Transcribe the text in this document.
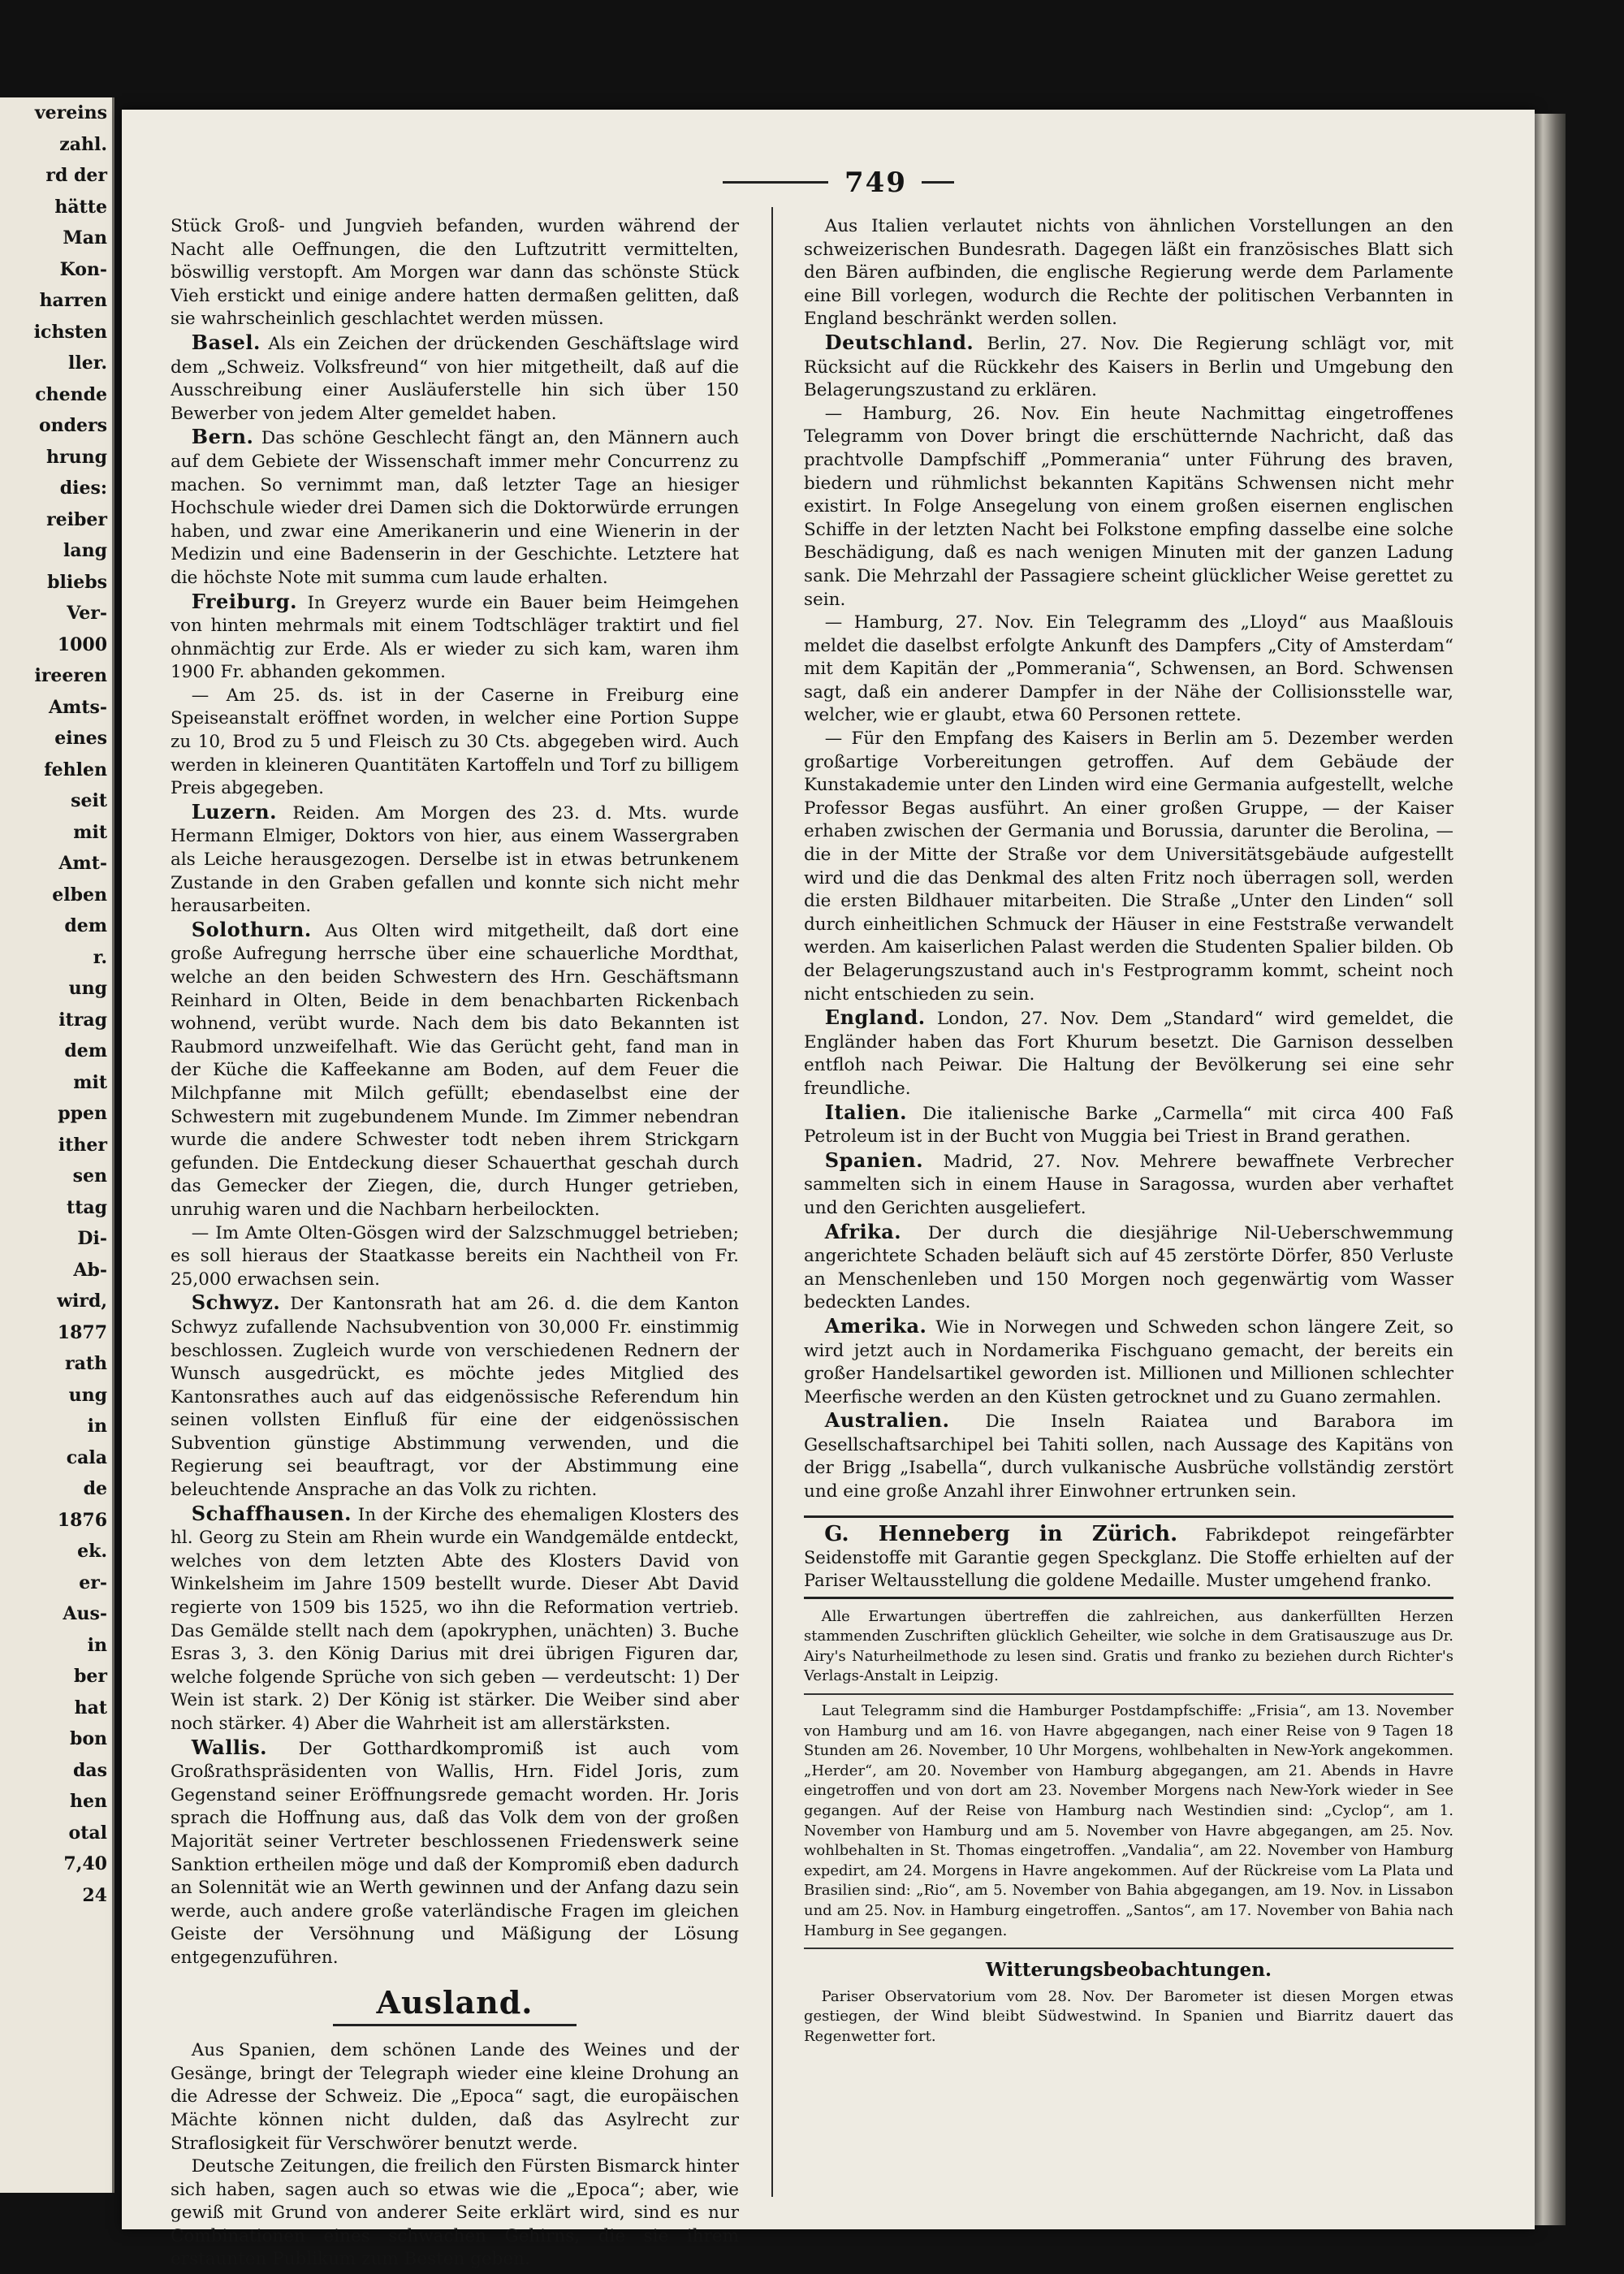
vereins
zahl.
rd der
hätte
Man
Kon-
harren
ichsten
ller.
chende
onders
hrung
dies:
reiber
lang
bliebs
Ver-
1000
ireeren
Amts-
eines
fehlen
seit
mit
Amt-
elben
dem
r.
ung
itrag
dem
mit
ppen
ither
sen
ttag
Di-
Ab-
wird,
1877
rath
ung
in
cala
de
1876
ek.
er-
Aus-
in
ber
hat
bon
das
hen
otal
7,40
24
749

Stück Groß- und Jungvieh befanden, wurden während der Nacht alle Oeffnungen, die den Luftzutritt vermittelten, böswillig verstopft. Am Morgen war dann das schönste Stück Vieh erstickt und einige andere hatten dermaßen gelitten, daß sie wahrscheinlich geschlachtet werden müssen.

Basel. Als ein Zeichen der drückenden Geschäftslage wird dem „Schweiz. Volksfreund“ von hier mitgetheilt, daß auf die Ausschreibung einer Ausläuferstelle hin sich über 150 Bewerber von jedem Alter gemeldet haben.

Bern. Das schöne Geschlecht fängt an, den Männern auch auf dem Gebiete der Wissenschaft immer mehr Concurrenz zu machen. So vernimmt man, daß letzter Tage an hiesiger Hochschule wieder drei Damen sich die Doktorwürde errungen haben, und zwar eine Amerikanerin und eine Wienerin in der Medizin und eine Badenserin in der Geschichte. Letztere hat die höchste Note mit summa cum laude erhalten.

Freiburg. In Greyerz wurde ein Bauer beim Heimgehen von hinten mehrmals mit einem Todtschläger traktirt und fiel ohnmächtig zur Erde. Als er wieder zu sich kam, waren ihm 1900 Fr. abhanden gekommen.

— Am 25. ds. ist in der Caserne in Freiburg eine Speiseanstalt eröffnet worden, in welcher eine Portion Suppe zu 10, Brod zu 5 und Fleisch zu 30 Cts. abgegeben wird. Auch werden in kleineren Quantitäten Kartoffeln und Torf zu billigem Preis abgegeben.

Luzern. Reiden. Am Morgen des 23. d. Mts. wurde Hermann Elmiger, Doktors von hier, aus einem Wassergraben als Leiche herausgezogen. Derselbe ist in etwas betrunkenem Zustande in den Graben gefallen und konnte sich nicht mehr herausarbeiten.

Solothurn. Aus Olten wird mitgetheilt, daß dort eine große Aufregung herrsche über eine schauerliche Mordthat, welche an den beiden Schwestern des Hrn. Geschäftsmann Reinhard in Olten, Beide in dem benachbarten Rickenbach wohnend, verübt wurde. Nach dem bis dato Bekannten ist Raubmord unzweifelhaft. Wie das Gerücht geht, fand man in der Küche die Kaffeekanne am Boden, auf dem Feuer die Milchpfanne mit Milch gefüllt; ebendaselbst eine der Schwestern mit zugebundenem Munde. Im Zimmer nebendran wurde die andere Schwester todt neben ihrem Strickgarn gefunden. Die Entdeckung dieser Schauerthat geschah durch das Gemecker der Ziegen, die, durch Hunger getrieben, unruhig waren und die Nachbarn herbeilockten.

— Im Amte Olten-Gösgen wird der Salzschmuggel betrieben; es soll hieraus der Staatkasse bereits ein Nachtheil von Fr. 25,000 erwachsen sein.

Schwyz. Der Kantonsrath hat am 26. d. die dem Kanton Schwyz zufallende Nachsubvention von 30,000 Fr. einstimmig beschlossen. Zugleich wurde von verschiedenen Rednern der Wunsch ausgedrückt, es möchte jedes Mitglied des Kantonsrathes auch auf das eidgenössische Referendum hin seinen vollsten Einfluß für eine der eidgenössischen Subvention günstige Abstimmung verwenden, und die Regierung sei beauftragt, vor der Abstimmung eine beleuchtende Ansprache an das Volk zu richten.

Schaffhausen. In der Kirche des ehemaligen Klosters des hl. Georg zu Stein am Rhein wurde ein Wandgemälde entdeckt, welches von dem letzten Abte des Klosters David von Winkelsheim im Jahre 1509 bestellt wurde. Dieser Abt David regierte von 1509 bis 1525, wo ihn die Reformation vertrieb. Das Gemälde stellt nach dem (apokryphen, unächten) 3. Buche Esras 3, 3. den König Darius mit drei übrigen Figuren dar, welche folgende Sprüche von sich geben — verdeutscht: 1) Der Wein ist stark. 2) Der König ist stärker. Die Weiber sind aber noch stärker. 4) Aber die Wahrheit ist am allerstärksten.

Wallis. Der Gotthardkompromiß ist auch vom Großrathspräsidenten von Wallis, Hrn. Fidel Joris, zum Gegenstand seiner Eröffnungsrede gemacht worden. Hr. Joris sprach die Hoffnung aus, daß das Volk dem von der großen Majorität seiner Vertreter beschlossenen Friedenswerk seine Sanktion ertheilen möge und daß der Kompromiß eben dadurch an Solennität wie an Werth gewinnen und der Anfang dazu sein werde, auch andere große vaterländische Fragen im gleichen Geiste der Versöhnung und Mäßigung der Lösung entgegenzuführen.

Ausland.

Aus Spanien, dem schönen Lande des Weines und der Gesänge, bringt der Telegraph wieder eine kleine Drohung an die Adresse der Schweiz. Die „Epoca“ sagt, die europäischen Mächte können nicht dulden, daß das Asylrecht zur Straflosigkeit für Verschwörer benutzt werde.

Deutsche Zeitungen, die freilich den Fürsten Bismarck hinter sich haben, sagen auch so etwas wie die „Epoca“; aber, wie gewiß mit Grund von anderer Seite erklärt wird, sind es nur Combinationen eines schwachen Gehirns, die sie ihrem erstaunten Publikum zum Besten geben.

Aus Italien verlautet nichts von ähnlichen Vorstellungen an den schweizerischen Bundesrath. Dagegen läßt ein französisches Blatt sich den Bären aufbinden, die englische Regierung werde dem Parlamente eine Bill vorlegen, wodurch die Rechte der politischen Verbannten in England beschränkt werden sollen.

Deutschland. Berlin, 27. Nov. Die Regierung schlägt vor, mit Rücksicht auf die Rückkehr des Kaisers in Berlin und Umgebung den Belagerungszustand zu erklären.

— Hamburg, 26. Nov. Ein heute Nachmittag eingetroffenes Telegramm von Dover bringt die erschütternde Nachricht, daß das prachtvolle Dampfschiff „Pommerania“ unter Führung des braven, biedern und rühmlichst bekannten Kapitäns Schwensen nicht mehr existirt. In Folge Ansegelung von einem großen eisernen englischen Schiffe in der letzten Nacht bei Folkstone empfing dasselbe eine solche Beschädigung, daß es nach wenigen Minuten mit der ganzen Ladung sank. Die Mehrzahl der Passagiere scheint glücklicher Weise gerettet zu sein.

— Hamburg, 27. Nov. Ein Telegramm des „Lloyd“ aus Maaßlouis meldet die daselbst erfolgte Ankunft des Dampfers „City of Amsterdam“ mit dem Kapitän der „Pommerania“, Schwensen, an Bord. Schwensen sagt, daß ein anderer Dampfer in der Nähe der Collisionsstelle war, welcher, wie er glaubt, etwa 60 Personen rettete.

— Für den Empfang des Kaisers in Berlin am 5. Dezember werden großartige Vorbereitungen getroffen. Auf dem Gebäude der Kunstakademie unter den Linden wird eine Germania aufgestellt, welche Professor Begas ausführt. An einer großen Gruppe, — der Kaiser erhaben zwischen der Germania und Borussia, darunter die Berolina, — die in der Mitte der Straße vor dem Universitätsgebäude aufgestellt wird und die das Denkmal des alten Fritz noch überragen soll, werden die ersten Bildhauer mitarbeiten. Die Straße „Unter den Linden“ soll durch einheitlichen Schmuck der Häuser in eine Feststraße verwandelt werden. Am kaiserlichen Palast werden die Studenten Spalier bilden. Ob der Belagerungszustand auch in's Festprogramm kommt, scheint noch nicht entschieden zu sein.

England. London, 27. Nov. Dem „Standard“ wird gemeldet, die Engländer haben das Fort Khurum besetzt. Die Garnison desselben entfloh nach Peiwar. Die Haltung der Bevölkerung sei eine sehr freundliche.

Italien. Die italienische Barke „Carmella“ mit circa 400 Faß Petroleum ist in der Bucht von Muggia bei Triest in Brand gerathen.

Spanien. Madrid, 27. Nov. Mehrere bewaffnete Verbrecher sammelten sich in einem Hause in Saragossa, wurden aber verhaftet und den Gerichten ausgeliefert.

Afrika. Der durch die diesjährige Nil-Ueberschwemmung angerichtete Schaden beläuft sich auf 45 zerstörte Dörfer, 850 Verluste an Menschenleben und 150 Morgen noch gegenwärtig vom Wasser bedeckten Landes.

Amerika. Wie in Norwegen und Schweden schon längere Zeit, so wird jetzt auch in Nordamerika Fischguano gemacht, der bereits ein großer Handelsartikel geworden ist. Millionen und Millionen schlechter Meerfische werden an den Küsten getrocknet und zu Guano zermahlen.

Australien. Die Inseln Raiatea und Barabora im Gesellschaftsarchipel bei Tahiti sollen, nach Aussage des Kapitäns von der Brigg „Isabella“, durch vulkanische Ausbrüche vollständig zerstört und eine große Anzahl ihrer Einwohner ertrunken sein.

G. Henneberg in Zürich. Fabrikdepot reingefärbter Seidenstoffe mit Garantie gegen Speckglanz. Die Stoffe erhielten auf der Pariser Weltausstellung die goldene Medaille. Muster umgehend franko.

Alle Erwartungen übertreffen die zahlreichen, aus dankerfüllten Herzen stammenden Zuschriften glücklich Geheilter, wie solche in dem Gratisauszuge aus Dr. Airy's Naturheilmethode zu lesen sind. Gratis und franko zu beziehen durch Richter's Verlags-Anstalt in Leipzig.

Laut Telegramm sind die Hamburger Postdampfschiffe: „Frisia“, am 13. November von Hamburg und am 16. von Havre abgegangen, nach einer Reise von 9 Tagen 18 Stunden am 26. November, 10 Uhr Morgens, wohlbehalten in New-York angekommen. „Herder“, am 20. November von Hamburg abgegangen, am 21. Abends in Havre eingetroffen und von dort am 23. November Morgens nach New-York wieder in See gegangen. Auf der Reise von Hamburg nach Westindien sind: „Cyclop“, am 1. November von Hamburg und am 5. November von Havre abgegangen, am 25. Nov. wohlbehalten in St. Thomas eingetroffen. „Vandalia“, am 22. November von Hamburg expedirt, am 24. Morgens in Havre angekommen. Auf der Rückreise vom La Plata und Brasilien sind: „Rio“, am 5. November von Bahia abgegangen, am 19. Nov. in Lissabon und am 25. Nov. in Hamburg eingetroffen. „Santos“, am 17. November von Bahia nach Hamburg in See gegangen.

Witterungsbeobachtungen.

Pariser Observatorium vom 28. Nov. Der Barometer ist diesen Morgen etwas gestiegen, der Wind bleibt Südwestwind. In Spanien und Biarritz dauert das Regenwetter fort.
